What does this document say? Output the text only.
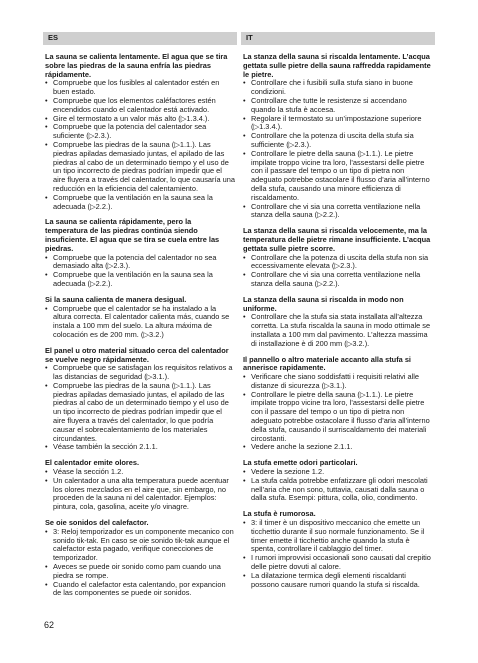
ES	IT
La sauna se calienta lentamente. El agua que se tira sobre las piedras de la sauna enfría las piedras rápidamente.
• Compruebe que los fusibles al calentador estén en buen estado.
• Compruebe que los elementos caléfactores estén encendidos cuando el calentador está activado.
• Gire el termostato a un valor más alto (▷1.3.4.).
• Compruebe que la potencia del calentador sea suficiente (▷2.3.).
• Compruebe las piedras de la sauna (▷1.1.). Las piedras apiladas demasiado juntas, el apilado de las piedras al cabo de un determinado tiempo y el uso de un tipo incorrecto de piedras podrían impedir que el aire fluyera a través del calentador, lo que causaría una reducción en la eficiencia del calentamiento.
• Compruebe que la ventilación en la sauna sea la adecuada (▷2.2.).
La sauna se calienta rápidamente, pero la temperatura de las piedras continúa siendo insuficiente. El agua que se tira se cuela entre las piedras.
• Compruebe que la potencia del calentador no sea demasiado alta (▷2.3.).
• Compruebe que la ventilación en la sauna sea la adecuada (▷2.2.).
Si la sauna calienta de manera desigual.
• Compruebe que el calentador se ha instalado a la altura correcta. El calentador calienta más, cuando se instala a 100 mm del suelo. La altura máxima de colocación es de 200 mm. (▷3.2.)
El panel u otro material situado cerca del calentador se vuelve negro rápidamente.
• Compruebe que se satisfagan los requisitos relativos a las distancias de seguridad (▷3.1.).
• Compruebe las piedras de la sauna (▷1.1.). Las piedras apiladas demasiado juntas, el apilado de las piedras al cabo de un determinado tiempo y el uso de un tipo incorrecto de piedras podrían impedir que el aire fluyera a través del calentador, lo que podría causar el sobrecalentamiento de los materiales circundantes.
• Véase también la sección 2.1.1.
El calentador emite olores.
• Véase la sección 1.2.
• Un calentador a una alta temperatura puede acentuar los olores mezclados en el aire que, sin embargo, no proceden de la sauna ni del calentador. Ejemplos: pintura, cola, gasolina, aceite y/o vinagre.
Se oie sonidos del calefactor.
• 3: Reloj temporizador es un componente mecanico con sonido tik-tak. En caso se oie sonido tik-tak aunque el calefactor esta pagado, verifique conecciones de temporizador.
• Aveces se puede oir sonido como pam cuando una piedra se rompe.
• Cuando el calefactor esta calentando, por expancion de las componentes se puede oir sonidos.
La stanza della sauna si riscalda lentamente. L’acqua gettata sulle pietre della sauna raffredda rapidamente le pietre.
• Controllare che i fusibili sulla stufa siano in buone condizioni.
• Controllare che tutte le resistenze si accendano quando la stufa è accesa.
• Regolare il termostato su un’impostazione superiore (▷1.3.4.).
• Controllare che la potenza di uscita della stufa sia sufficiente (▷2.3.).
• Controllare le pietre della sauna (▷1.1.). Le pietre impilate troppo vicine tra loro, l’assestarsi delle pietre con il passare del tempo o un tipo di pietra non adeguato potrebbe ostacolare il flusso d’aria all’interno della stufa, causando una minore efficienza di riscaldamento.
• Controllare che vi sia una corretta ventilazione nella stanza della sauna (▷2.2.).
La stanza della sauna si riscalda velocemente, ma la temperatura delle pietre rimane insufficiente. L’acqua gettata sulle pietre scorre.
• Controllare che la potenza di uscita della stufa non sia eccessivamente elevata (▷2.3.).
• Controllare che vi sia una corretta ventilazione nella stanza della sauna (▷2.2.).
La stanza della sauna si riscalda in modo non uniforme.
• Controllare che la stufa sia stata installata all’altezza corretta. La stufa riscalda la sauna in modo ottimale se installata a 100 mm dal pavimento. L’altezza massima di installazione è di 200 mm (▷3.2.).
Il pannello o altro materiale accanto alla stufa si annerisce rapidamente.
• Verificare che siano soddisfatti i requisiti relativi alle distanze di sicurezza (▷3.1.).
• Controllare le pietre della sauna (▷1.1.). Le pietre impilate troppo vicine tra loro, l’assestarsi delle pietre con il passare del tempo o un tipo di pietra non adeguato potrebbe ostacolare il flusso d’aria all’interno della stufa, causando il surriscaldamento dei materiali circostanti.
• Vedere anche la sezione 2.1.1.
La stufa emette odori particolari.
• Vedere la sezione 1.2.
• La stufa calda potrebbe enfatizzare gli odori mescolati nell’aria che non sono, tuttavia, causati dalla sauna o dalla stufa. Esempi: pittura, colla, olio, condimento.
La stufa è rumorosa.
• 3: il timer è un dispositivo meccanico che emette un ticchettio durante il suo normale funzionamento. Se il timer emette il ticchettio anche quando la stufa è spenta, controllare il cablaggio del timer.
• I rumori improvvisi occasionali sono causati dal crepitio delle pietre dovuti al calore.
• La dilatazione termica degli elementi riscaldanti possono causare rumori quando la stufa si riscalda.
62
